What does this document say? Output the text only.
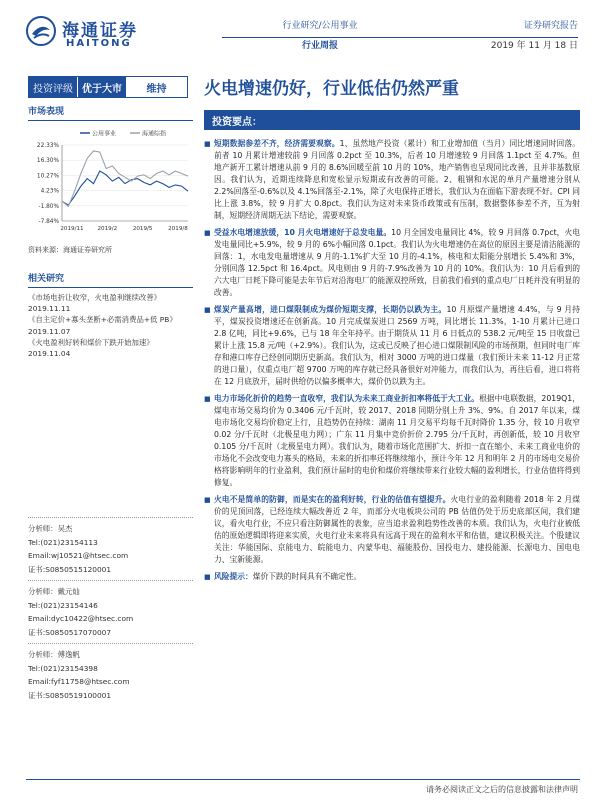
海通证券
HAITONG
行业研究/公用事业
行业周报
证券研究报告
2019 年 11 月 18 日
投资评级 优于大市	维持	火电增速仍好，行业低估仍然严重
市场表现
公用事业	海通综指
22.33%
16.30%
10.27%
4.23%
-1.80%
-7.84%
2019/11 2019/2	2019/5	2019/8
资料来源：海通证券研究所
相关研究
《市场电折让收窄，火电盈利继续改善》
2019.11.11
《自主定价+寡头垄断+必需消费品+低 PB》
2019.11.07
《火电盈利好转和煤价下跌开始加速》
2019.11.04
分析师：吴杰
Tel:(021)23154113
Email:wj10521@htsec.com
证书:S0850515120001
分析师：戴元灿
Tel:(021)23154146
Email:dyc10422@htsec.com
证书:S0850517070007
分析师：傅逸帆
Tel:(021)23154398
Email:fyf11758@htsec.com
证书:S0850519100001
投资要点：
■ 短期数据参差不齐，经济需要观察。1、虽然地产投资（累计）和工业增加值（当月）同比增速同时回落。前者 10 月累计增速较前 9 月回落 0.2pct 至 10.3%，后者 10 月增速较 9 月回落 1.1pct 至 4.7%。但地产新开工累计增速从前 9 月的 8.6%回暖至前 10 月的 10%，地产销售也呈现同比改善，且并非基数原因。我们认为，近期连续降息和宽松显示短期或有改善的可能。2、粗钢和水泥的单月产量增速分别从 2.2%回落至-0.6%以及 4.1%回落至-2.1%，除了火电保持正增长，我们认为在面临下游表现不好。CPI 同比上涨 3.8%，较 9 月扩大 0.8pct。我们认为这对未来货币政策或有压制，数据整体参差不齐，互为射制，短期经济周期无法下结论，需要观察。
■ 受益水电增速放缓，10 月火电增速好于总发电量。10 月全国发电量同比 4%，较 9 月回落 0.7pct，火电发电量同比+5.9%，较 9 月的 6%小幅回落 0.1pct。我们认为火电增速仍在高位的原因主要是清洁能源的回落：1，水电发电量增速从 9 月的-1.1%扩大至 10 月的-4.1%，核电和太阳能分别增长 5.4%和 3%，分别回落 12.5pct 和 16.4pct。风电则由 9 月的-7.9%改善为 10 月的 10%。我们认为：10 月后看到的六大电厂日耗下降可能是去年节后对沿海电厂的能源双控所致，目前我们看到的重点电厂日耗并没有明显的改善。
■ 煤炭产量高增，进口煤限制成为煤价短期支撑，长期仍以跌为主。10 月原煤产量增速 4.4%，与 9 月持平，煤炭投资增速还在创新高。10 月完成煤炭进口 2569 万吨，同比增长 11.3%，1-10 月累计已进口 2.8 亿吨，同比+9.6%，已与 18 年全年持平。由于期货从 11 月 6 日低点的 538.2 元/吨至 15 日收盘已累计上涨 15.8 元/吨（+2.9%）。我们认为，这或已反映了担心进口煤限制风险的市场预期，但同时电厂库存和港口库存已经创同期历史新高。我们认为，相对 3000 万吨的进口煤量（我们预计未来 11-12 月正常的进口量），仅重点电厂超 9700 万吨的库存就已经具备很好对冲能力，而我们认为，再往后看，进口将将在 12 月底放开，届时供给仍以偏多概率大，煤价仍以跌为主。
■ 电力市场化折价的趋势一直收窄，我们认为未来工商业折扣率将低于大工业。根据中电联数据，2019Q1，煤电市场交易均价为 0.3406 元/千瓦时，较 2017、2018 同期分别上升 3%、9%。自 2017 年以来，煤电市场化交易均价稳定上行，且趋势仍在持续：湖南 11 月交易平均每千瓦时降价 1.35 分，较 10 月收窄 0.02 分/千瓦时（北极星电力网）；广东 11 月集中竞价折价 2.795 分/千瓦时，再创新低，较 10 月收窄 0.105 分/千瓦时（北极星电力网）。我们认为，随着市场化范围扩大、折扣一直在缩小、未来工商业电价的市场化不会改变电力寡头的格局，未来的折扣率还将继续缩小，预计今年 12 月和明年 2 月的市场电交易价格将影响明年的行业盈利，我们预计届时的电价和煤价将继续带来行业较大幅的盈利增长，行业估值将得到修复。
■ 火电不是简单的防御，而是实在的盈利好转，行业的估值有望提升。火电行业的盈利随着 2018 年 2 月煤价的见顶回落，已经连续大幅改善近 2 年，而部分火电板块公司的 PB 估值仍处于历史底部区间，我们建议，看火电行业，不应只看注防御属性的表象，应当追求盈利趋势性改善的本质。我们认为，火电行业被低估的原始逻辑即将迎来实质，火电行业未来将具有远高于现在的盈利水平和估值，建议积极关注。个股建议关注：华能国际、京能电力、皖能电力、内蒙华电、福能股份、国投电力、建投能源、长源电力、国电电力、宝新能源。
■ 风险提示：煤价下跌的时间具有不确定性。
请务必阅读正文之后的信息披露和法律声明
